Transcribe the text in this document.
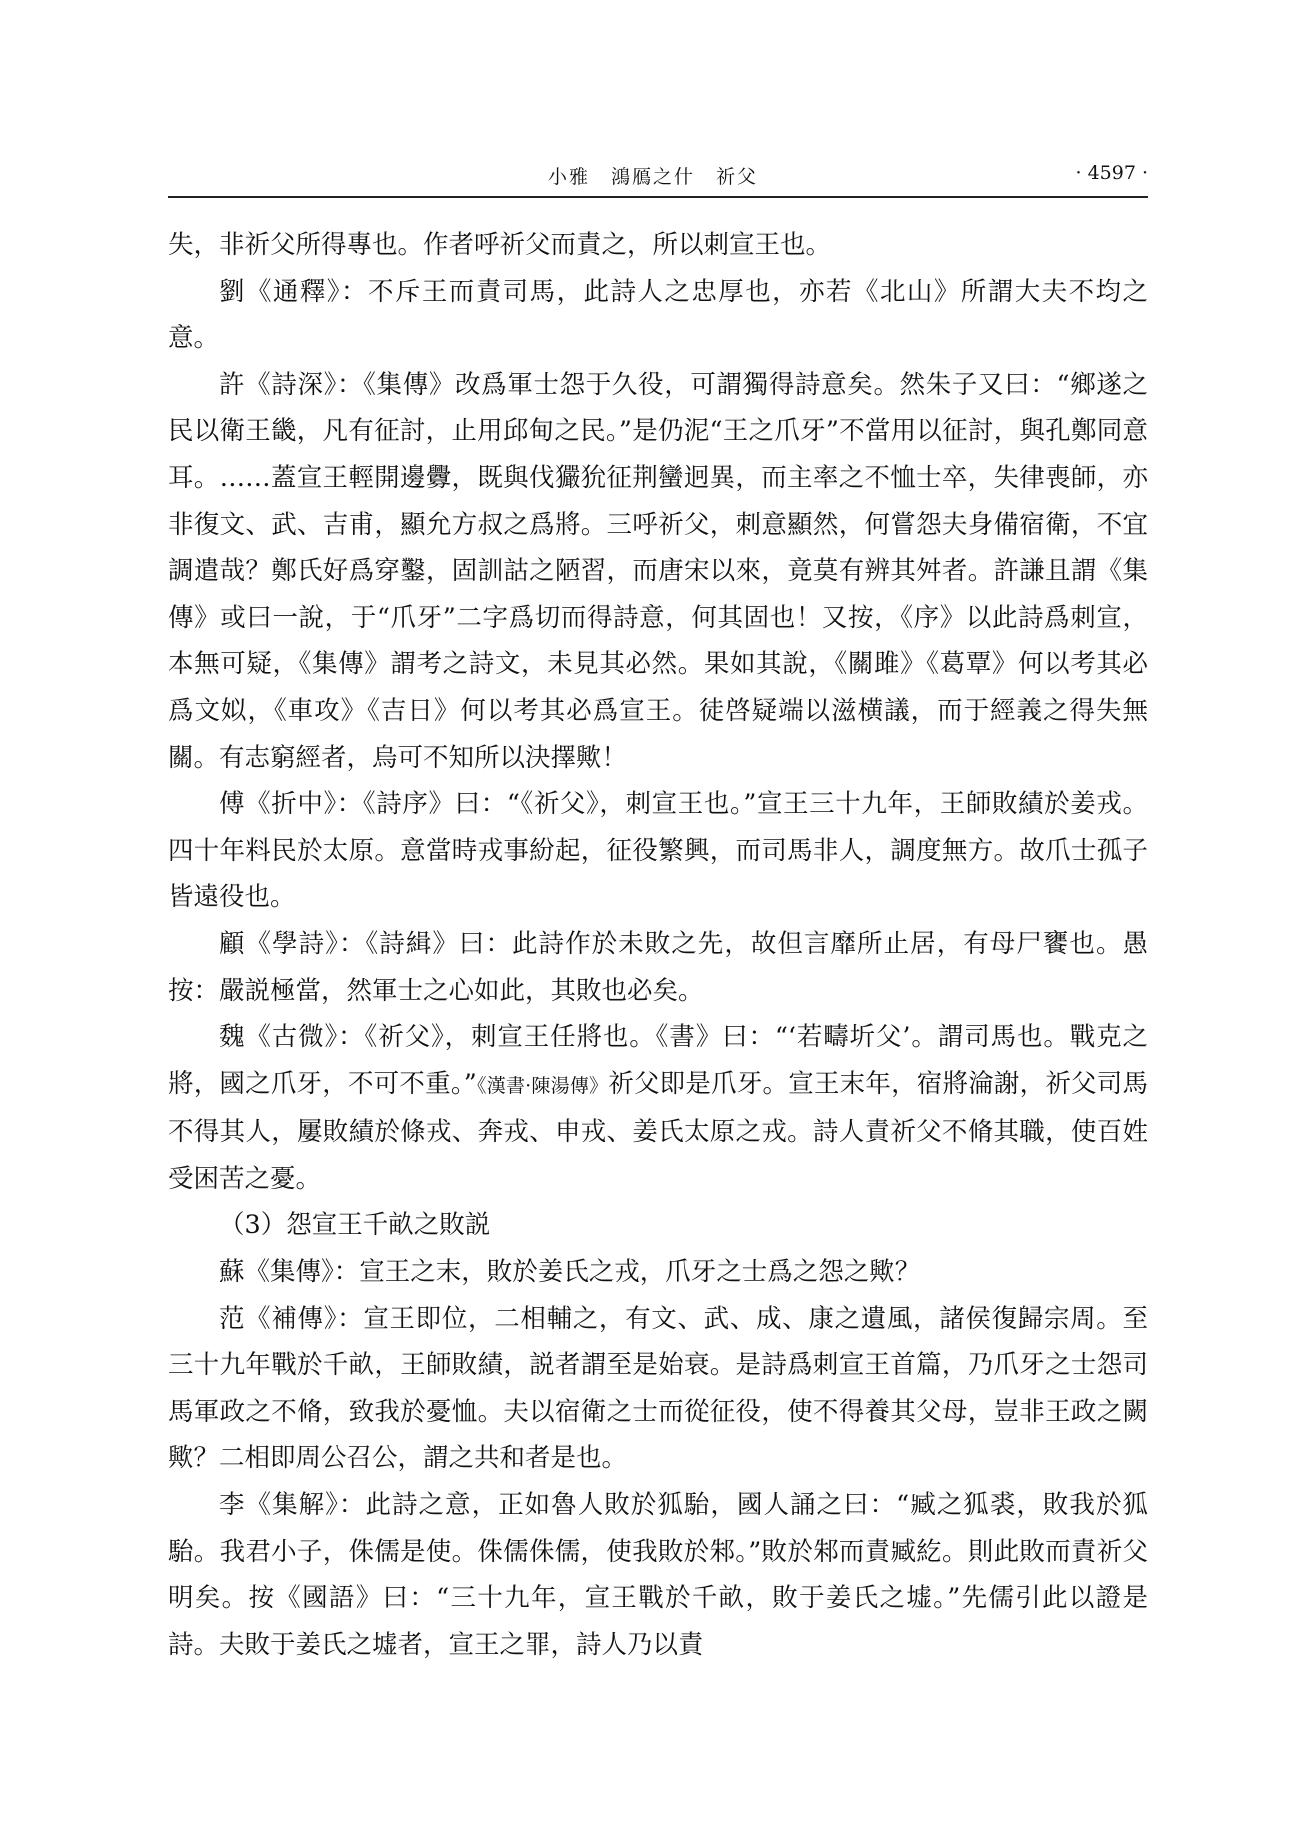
小雅　鴻鴈之什　祈父	· 4597 ·

失，非祈父所得專也。作者呼祈父而責之，所以刺宣王也。

劉《通釋》：不斥王而責司馬，此詩人之忠厚也，亦若《北山》所謂大夫不均之意。

許《詩深》：《集傳》改爲軍士怨于久役，可謂獨得詩意矣。然朱子又曰：“鄉遂之民以衛王畿，凡有征討，止用邱甸之民。”是仍泥“王之爪牙”不當用以征討，與孔鄭同意耳。……蓋宣王輕開邊釁，既與伐玁狁征荆蠻迥異，而主率之不恤士卒，失律喪師，亦非復文、武、吉甫，顯允方叔之爲將。三呼祈父，刺意顯然，何嘗怨夫身備宿衛，不宜調遣哉？鄭氏好爲穿鑿，固訓詁之陋習，而唐宋以來，竟莫有辨其舛者。許謙且謂《集傳》或曰一說，于“爪牙”二字爲切而得詩意，何其固也！又按，《序》以此詩爲刺宣，本無可疑，《集傳》謂考之詩文，未見其必然。果如其說，《關雎》《葛覃》何以考其必爲文姒，《車攻》《吉日》何以考其必爲宣王。徒啓疑端以滋横議，而于經義之得失無關。有志窮經者，烏可不知所以決擇歟！

傅《折中》：《詩序》曰：“《祈父》，刺宣王也。”宣王三十九年，王師敗績於姜戎。四十年料民於太原。意當時戎事紛起，征役繁興，而司馬非人，調度無方。故爪士孤子皆遠役也。

顧《學詩》：《詩緝》曰：此詩作於未敗之先，故但言靡所止居，有母尸饔也。愚按：嚴説極當，然軍士之心如此，其敗也必矣。

魏《古微》：《祈父》，刺宣王任將也。《書》曰：“‘若疇圻父’。謂司馬也。戰克之將，國之爪牙，不可不重。”《漢書·陳湯傳》祈父即是爪牙。宣王末年，宿將淪謝，祈父司馬不得其人，屢敗績於條戎、奔戎、申戎、姜氏太原之戎。詩人責祈父不脩其職，使百姓受困苦之憂。

（3）怨宣王千畝之敗説

蘇《集傳》：宣王之末，敗於姜氏之戎，爪牙之士爲之怨之歟？

范《補傳》：宣王即位，二相輔之，有文、武、成、康之遺風，諸侯復歸宗周。至三十九年戰於千畝，王師敗績，説者謂至是始衰。是詩爲刺宣王首篇，乃爪牙之士怨司馬軍政之不脩，致我於憂恤。夫以宿衛之士而從征役，使不得養其父母，豈非王政之闕歟？二相即周公召公，謂之共和者是也。

李《集解》：此詩之意，正如魯人敗於狐駘，國人誦之曰：“臧之狐裘，敗我於狐駘。我君小子，侏儒是使。侏儒侏儒，使我敗於邾。”敗於邾而責臧紇。則此敗而責祈父明矣。按《國語》曰：“三十九年，宣王戰於千畝，敗于姜氏之墟。”先儒引此以證是詩。夫敗于姜氏之墟者，宣王之罪，詩人乃以責
